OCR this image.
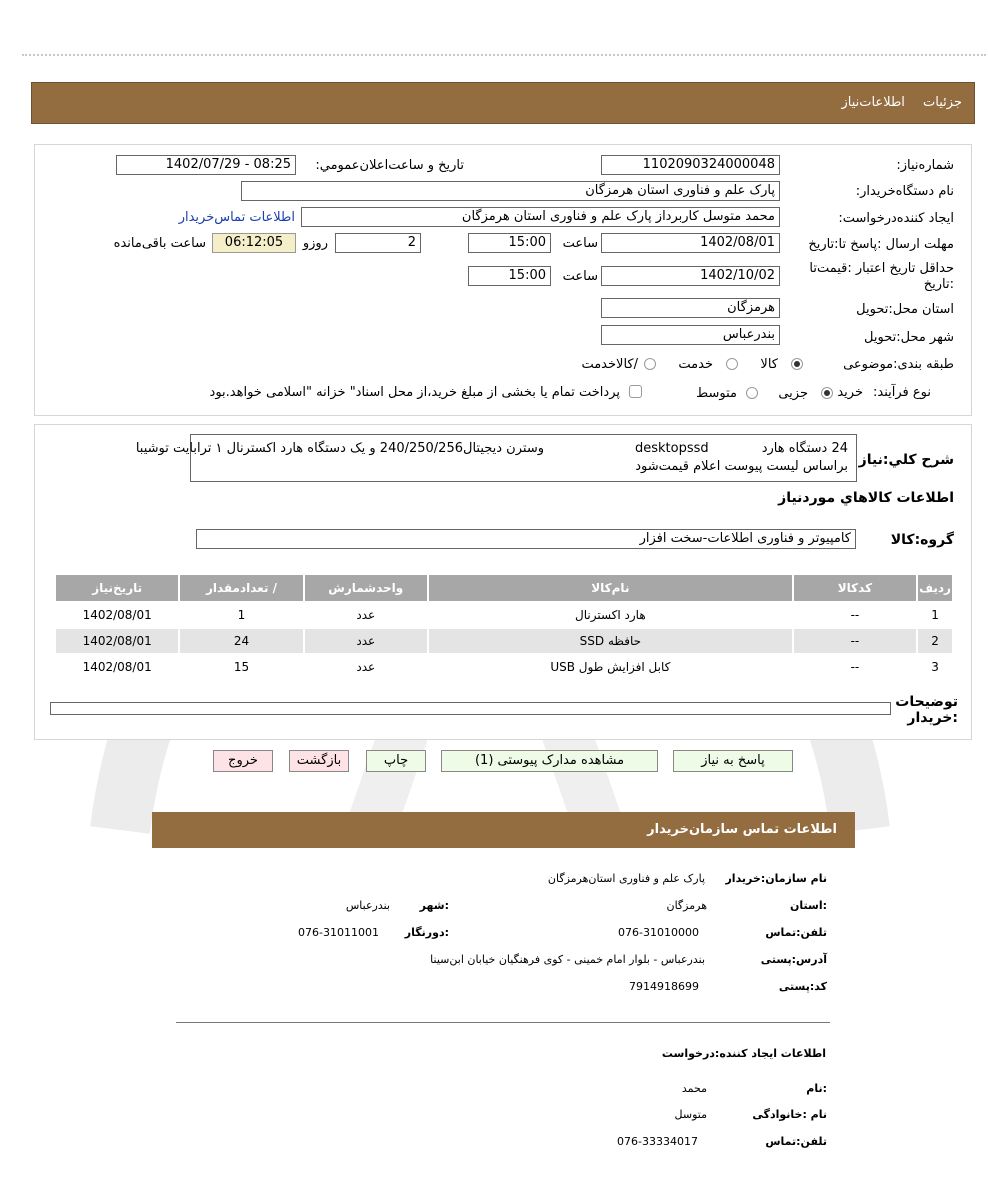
جزئیات اطلاعات‌نیاز
شماره‌نیاز:
1102090324000048
تاریخ و ساعت‌اعلان‌عمومي:
1402/07/29 - 08:25
نام دستگاه‌خریدار:
پارک علم و فناوری استان هرمزگان
ایجاد کننده‌درخواست:
محمد متوسل کاربرداز پارک علم و فناوری استان هرمزگان
اطلاعات تماس‌خریدار
مهلت ارسال :پاسخ تا:تاریخ
1402/08/01
ساعت
15:00
2
روزو
06:12:05
ساعت باقی‌مانده
حداقل تاریخ اعتبار :قیمت‌تا :تاریخ
1402/10/02
ساعت
15:00
استان محل:تحویل
هرمزگان
شهر محل:تحویل
بندرعباس
طبقه بندی:موضوعی
کالا
خدمت
/کالاخدمت
نوع فرآیند:
خرید
جزیی
متوسط
پرداخت تمام یا بخشی از مبلغ خرید،از محل اسناد" خزانه "اسلامی خواهد.بود
شرح کلي:نیاز
24 دستگاه هارد
desktopssd
وسترن دیجیتال240/250/256 و یک دستگاه هارد اکسترنال ۱ ترابایت توشیبا
براساس لیست پیوست اعلام قیمت‌شود
اطلاعات کالاهاي مورد‌نیاز
گروه:کالا
کامپیوتر و فناوری اطلاعات-سخت افزار
ردیف	کدکالا	نام‌کالا	واحدشمارش	/ تعدادمقدار	تاریخ‌نیاز
1	--	هارد اکسترنال	عدد	1	1402/08/01
2	--	حافظه SSD	عدد	24	1402/08/01
3	--	کابل افزایش طول USB	عدد	15	1402/08/01
توضیحات :خریدار
پاسخ به نیاز
مشاهده مدارک پیوستی (1)
چاپ
بازگشت
خروج
اطلاعات تماس سازمان‌خریدار
نام سازمان:خریدار
پارک علم و فناوری استان‌هرمزگان
:استان
هرمزگان
:شهر
بندرعباس
تلفن:تماس
076-31010000
:دورنگار
076-31011001
آدرس:پستی
بندرعباس - بلوار امام خمینی - کوی فرهنگیان خیابان ابن‌سینا
کد:پستی
7914918699
اطلاعات ایجاد کننده:درخواست
:نام
محمد
نام :خانوادگی
متوسل
تلفن:تماس
076-33334017
